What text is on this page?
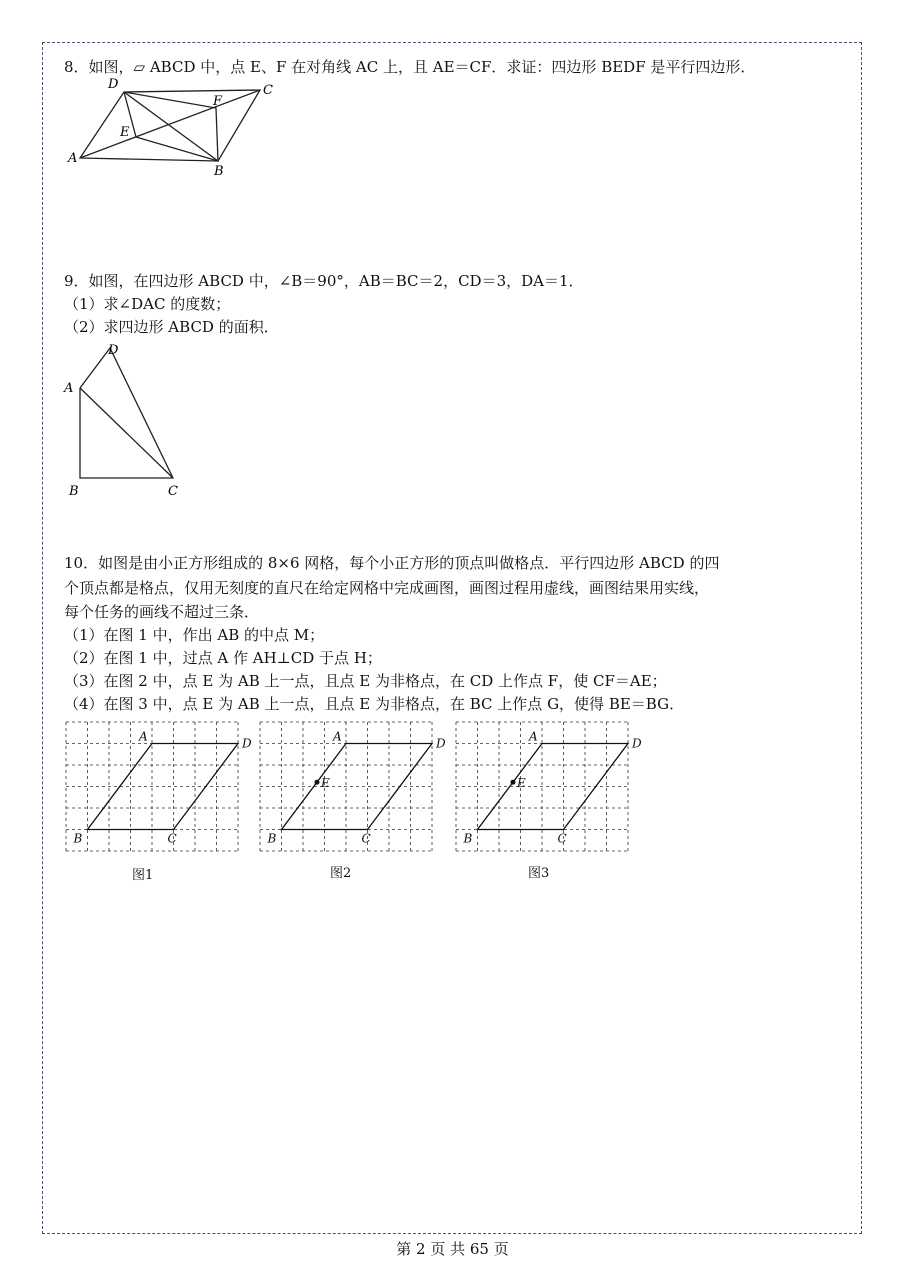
8．如图，▱ ABCD 中，点 E、F 在对角线 AC 上，且 AE＝CF．求证：四边形 BEDF 是平行四边形．
A
B
C
D
E
F
9．如图，在四边形 ABCD 中，∠B＝90°，AB＝BC＝2，CD＝3，DA＝1．
（1）求∠DAC 的度数；
（2）求四边形 ABCD 的面积．
A
B	C
D
10．如图是由小正方形组成的 8×6 网格，每个小正方形的顶点叫做格点．平行四边形 ABCD 的四
个顶点都是格点，仅用无刻度的直尺在给定网格中完成画图，画图过程用虚线，画图结果用实线，
每个任务的画线不超过三条．
（1）在图 1 中，作出 AB 的中点 M；
（2）在图 1 中，过点 A 作 AH⊥CD 于点 H；
（3）在图 2 中，点 E 为 AB 上一点，且点 E 为非格点，在 CD 上作点 F，使 CF＝AE；
（4）在图 3 中，点 E 为 AB 上一点，且点 E 为非格点，在 BC 上作点 G，使得 BE＝BG．
A	D
B	C
A	D
B	C
E
A	D
B	C
E
图1	图2	图3
第 2 页 共 65 页
